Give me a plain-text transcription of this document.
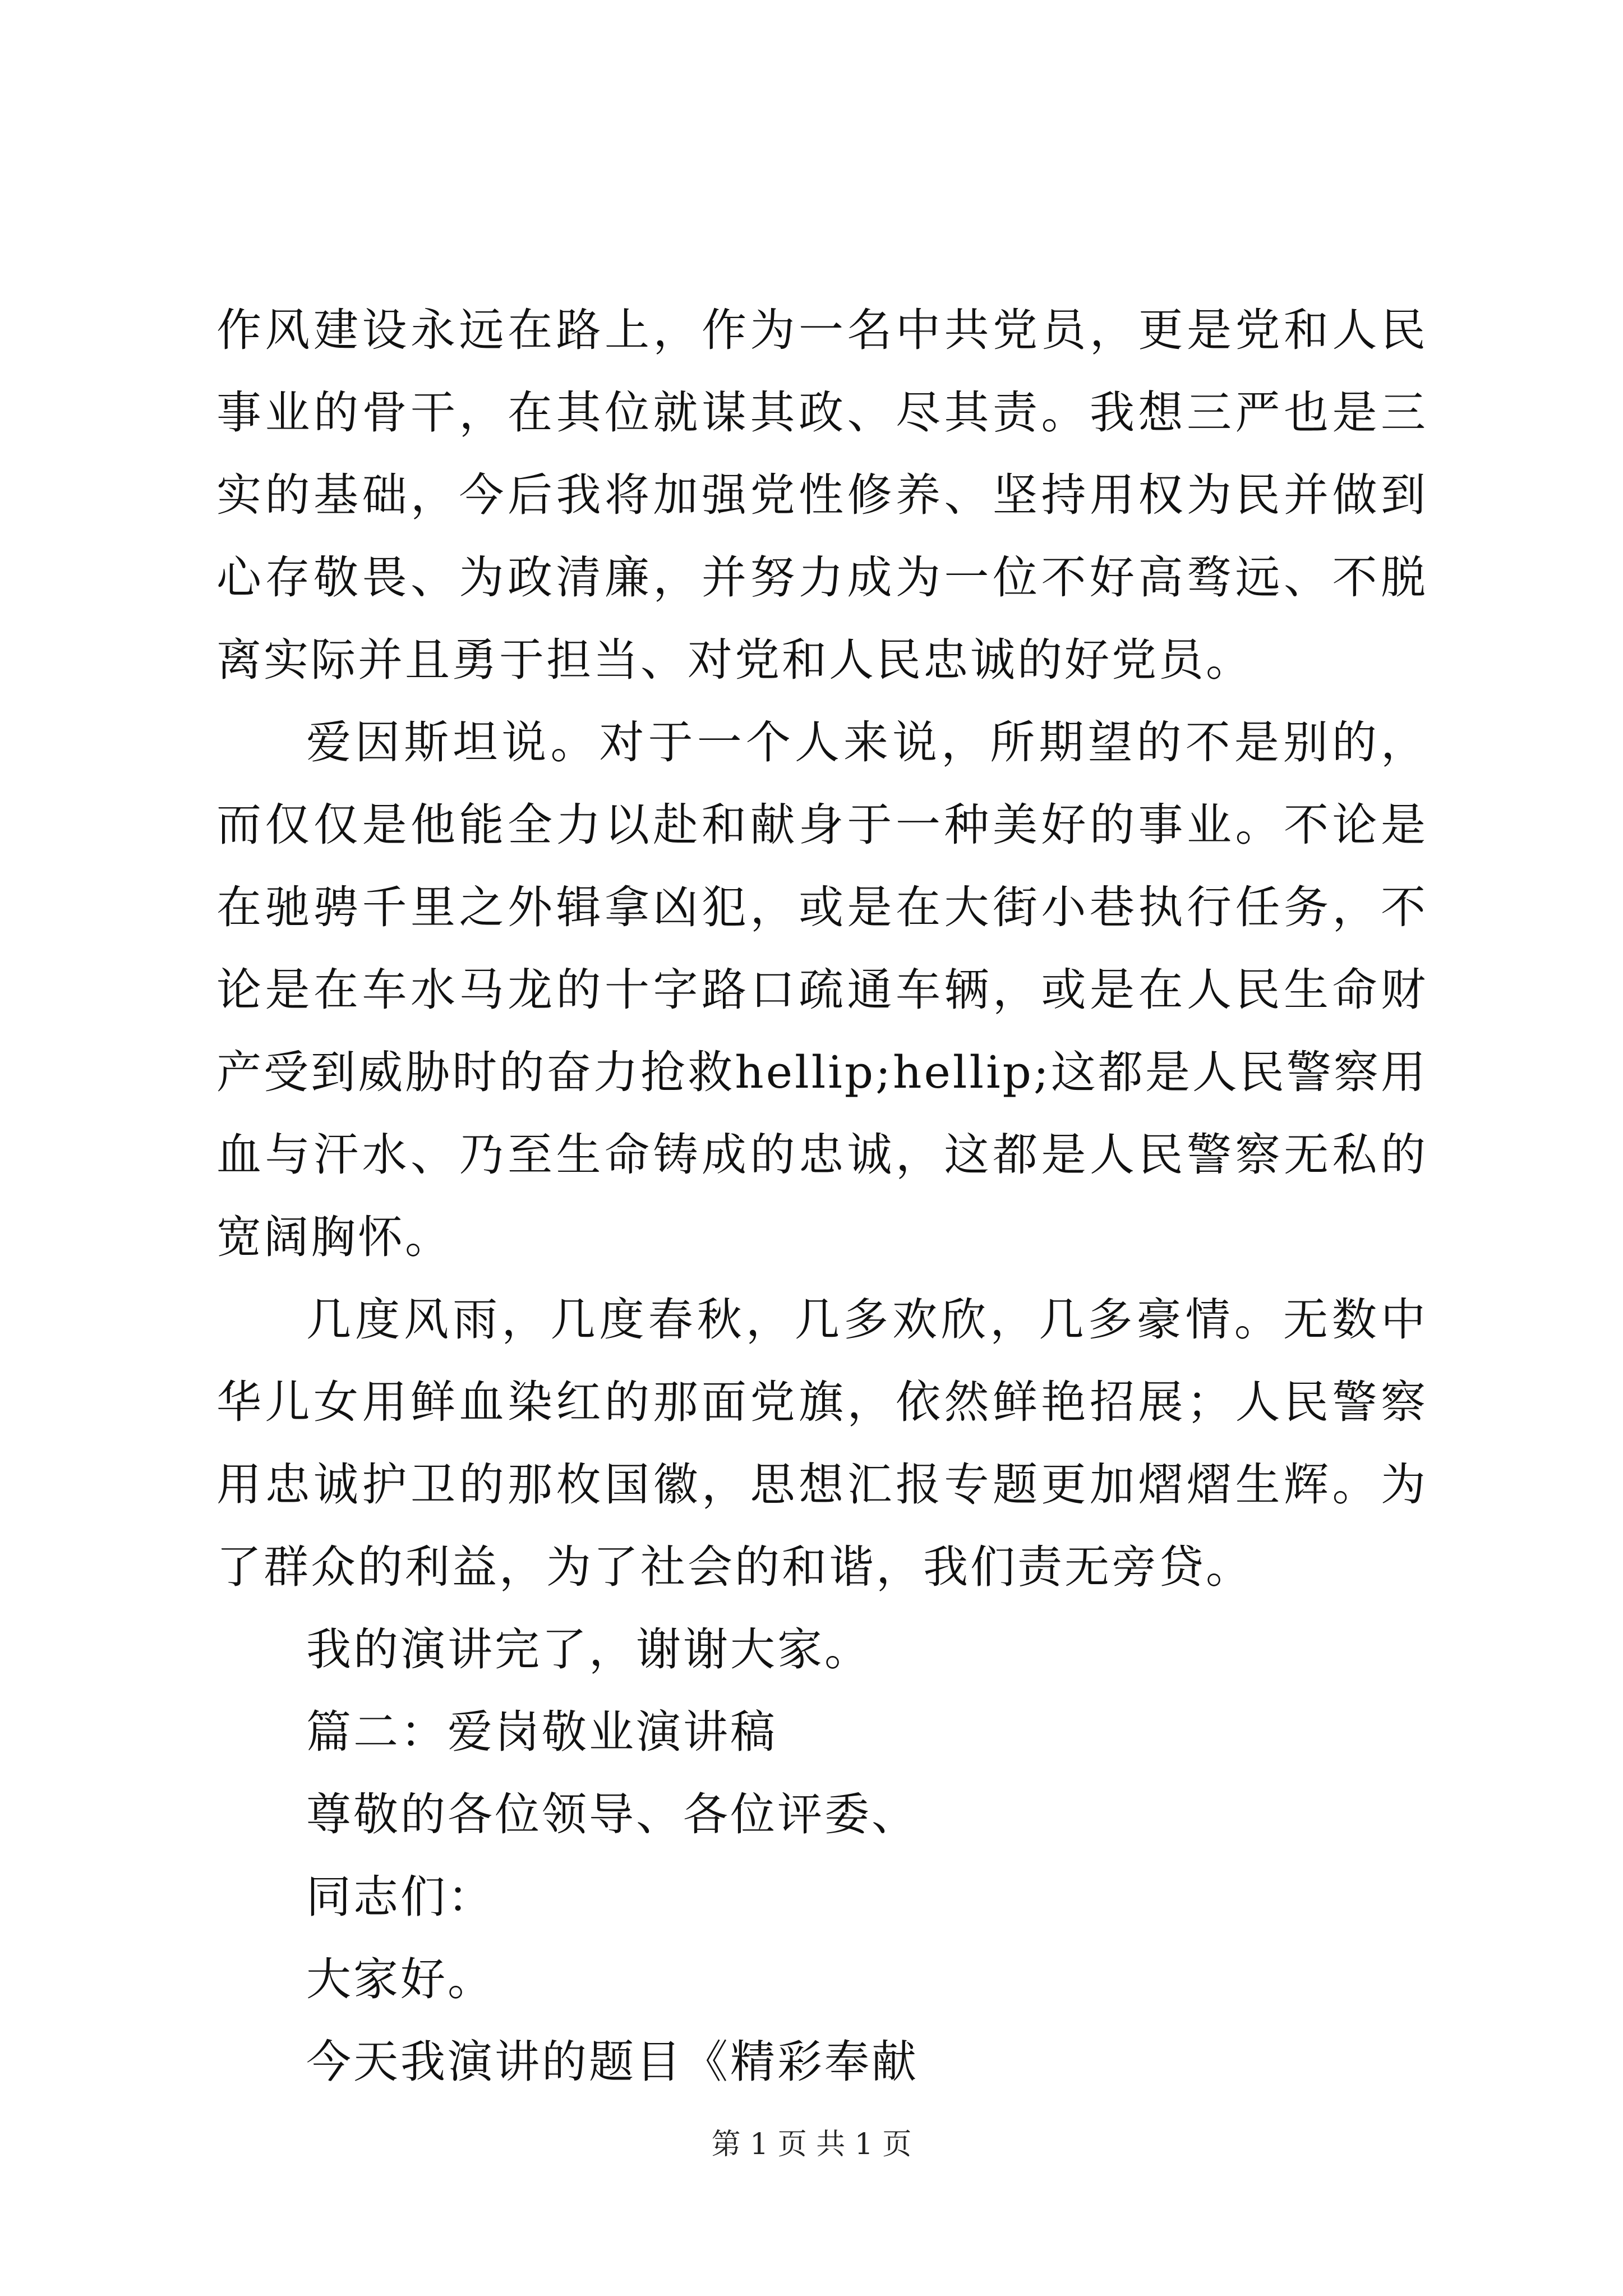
作风建设永远在路上，作为一名中共党员，更是党和人民事业的骨干，在其位就谋其政、尽其责。我想三严也是三实的基础，今后我将加强党性修养、坚持用权为民并做到心存敬畏、为政清廉，并努力成为一位不好高骛远、不脱离实际并且勇于担当、对党和人民忠诚的好党员。

爱因斯坦说。对于一个人来说，所期望的不是别的，而仅仅是他能全力以赴和献身于一种美好的事业。不论是在驰骋千里之外辑拿凶犯，或是在大街小巷执行任务，不论是在车水马龙的十字路口疏通车辆，或是在人民生命财产受到威胁时的奋力抢救hellip;hellip;这都是人民警察用血与汗水、乃至生命铸成的忠诚，这都是人民警察无私的宽阔胸怀。

几度风雨，几度春秋，几多欢欣，几多豪情。无数中华儿女用鲜血染红的那面党旗，依然鲜艳招展；人民警察用忠诚护卫的那枚国徽，思想汇报专题更加熠熠生辉。为了群众的利益，为了社会的和谐，我们责无旁贷。

我的演讲完了，谢谢大家。

篇二：爱岗敬业演讲稿

尊敬的各位领导、各位评委、

同志们：

大家好。

今天我演讲的题目《精彩奉献

第 1 页 共 1 页
